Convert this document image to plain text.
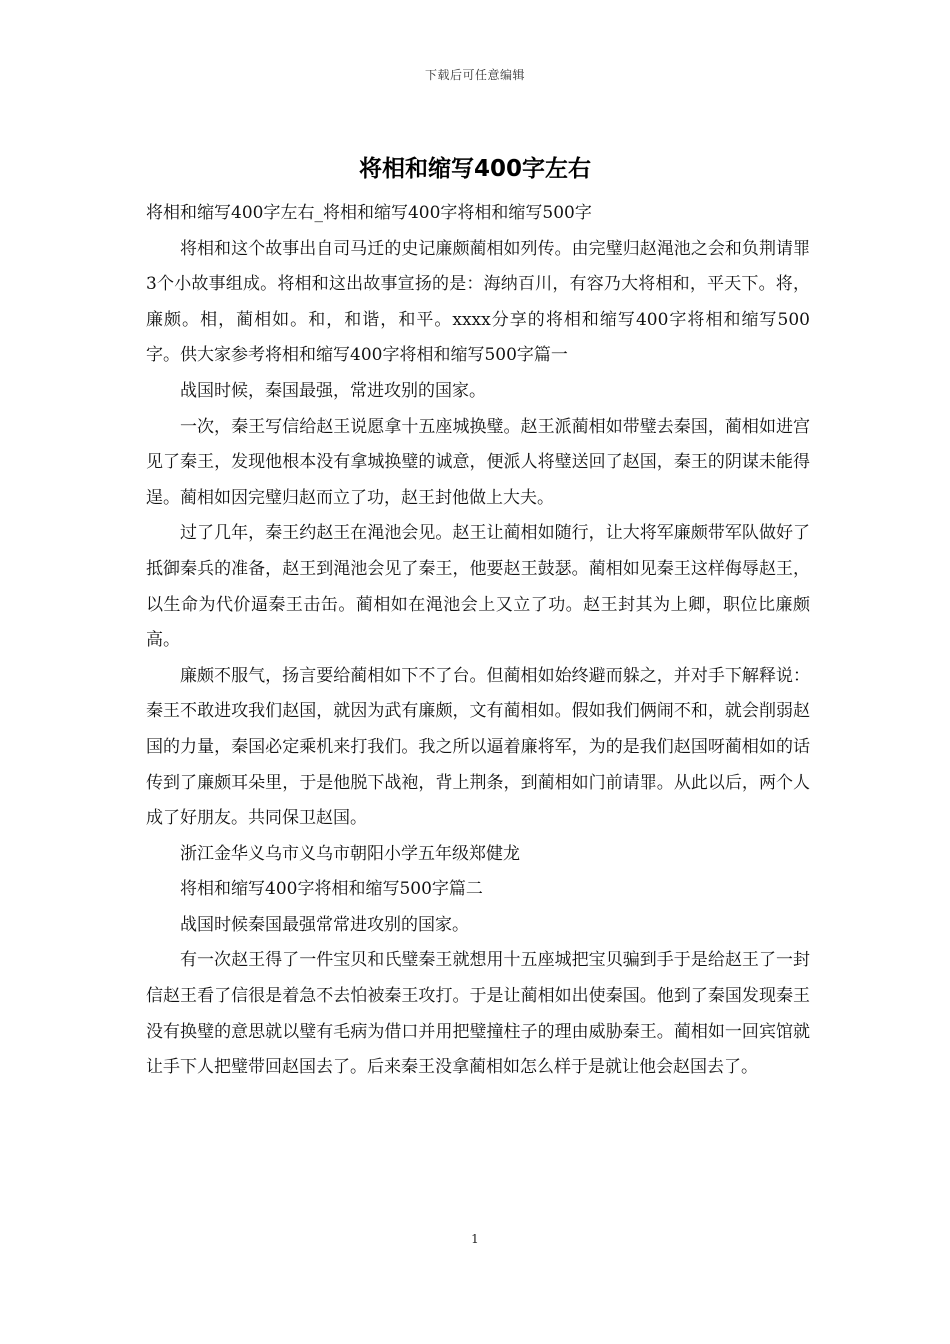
下载后可任意编辑
将相和缩写400字左右

将相和缩写400字左右_将相和缩写400字将相和缩写500字

将相和这个故事出自司马迁的史记廉颇蔺相如列传。由完璧归赵渑池之会和负荆请罪3个小故事组成。将相和这出故事宣扬的是：海纳百川，有容乃大将相和，平天下。将，廉颇。相，蔺相如。和，和谐，和平。xxxx分享的将相和缩写400字将相和缩写500字。供大家参考将相和缩写400字将相和缩写500字篇一

战国时候，秦国最强，常进攻别的国家。

一次，秦王写信给赵王说愿拿十五座城换璧。赵王派蔺相如带璧去秦国，蔺相如进宫见了秦王，发现他根本没有拿城换璧的诚意，便派人将璧送回了赵国，秦王的阴谋未能得逞。蔺相如因完璧归赵而立了功，赵王封他做上大夫。

过了几年，秦王约赵王在渑池会见。赵王让蔺相如随行，让大将军廉颇带军队做好了抵御秦兵的准备，赵王到渑池会见了秦王，他要赵王鼓瑟。蔺相如见秦王这样侮辱赵王，以生命为代价逼秦王击缶。蔺相如在渑池会上又立了功。赵王封其为上卿，职位比廉颇高。

廉颇不服气，扬言要给蔺相如下不了台。但蔺相如始终避而躲之，并对手下解释说：秦王不敢进攻我们赵国，就因为武有廉颇，文有蔺相如。假如我们俩闹不和，就会削弱赵国的力量，秦国必定乘机来打我们。我之所以逼着廉将军，为的是我们赵国呀蔺相如的话传到了廉颇耳朵里，于是他脱下战袍，背上荆条，到蔺相如门前请罪。从此以后，两个人成了好朋友。共同保卫赵国。

浙江金华义乌市义乌市朝阳小学五年级郑健龙

将相和缩写400字将相和缩写500字篇二

战国时候秦国最强常常进攻别的国家。

有一次赵王得了一件宝贝和氏璧秦王就想用十五座城把宝贝骗到手于是给赵王了一封信赵王看了信很是着急不去怕被秦王攻打。于是让蔺相如出使秦国。他到了秦国发现秦王没有换璧的意思就以璧有毛病为借口并用把璧撞柱子的理由威胁秦王。蔺相如一回宾馆就让手下人把璧带回赵国去了。后来秦王没拿蔺相如怎么样于是就让他会赵国去了。

1
